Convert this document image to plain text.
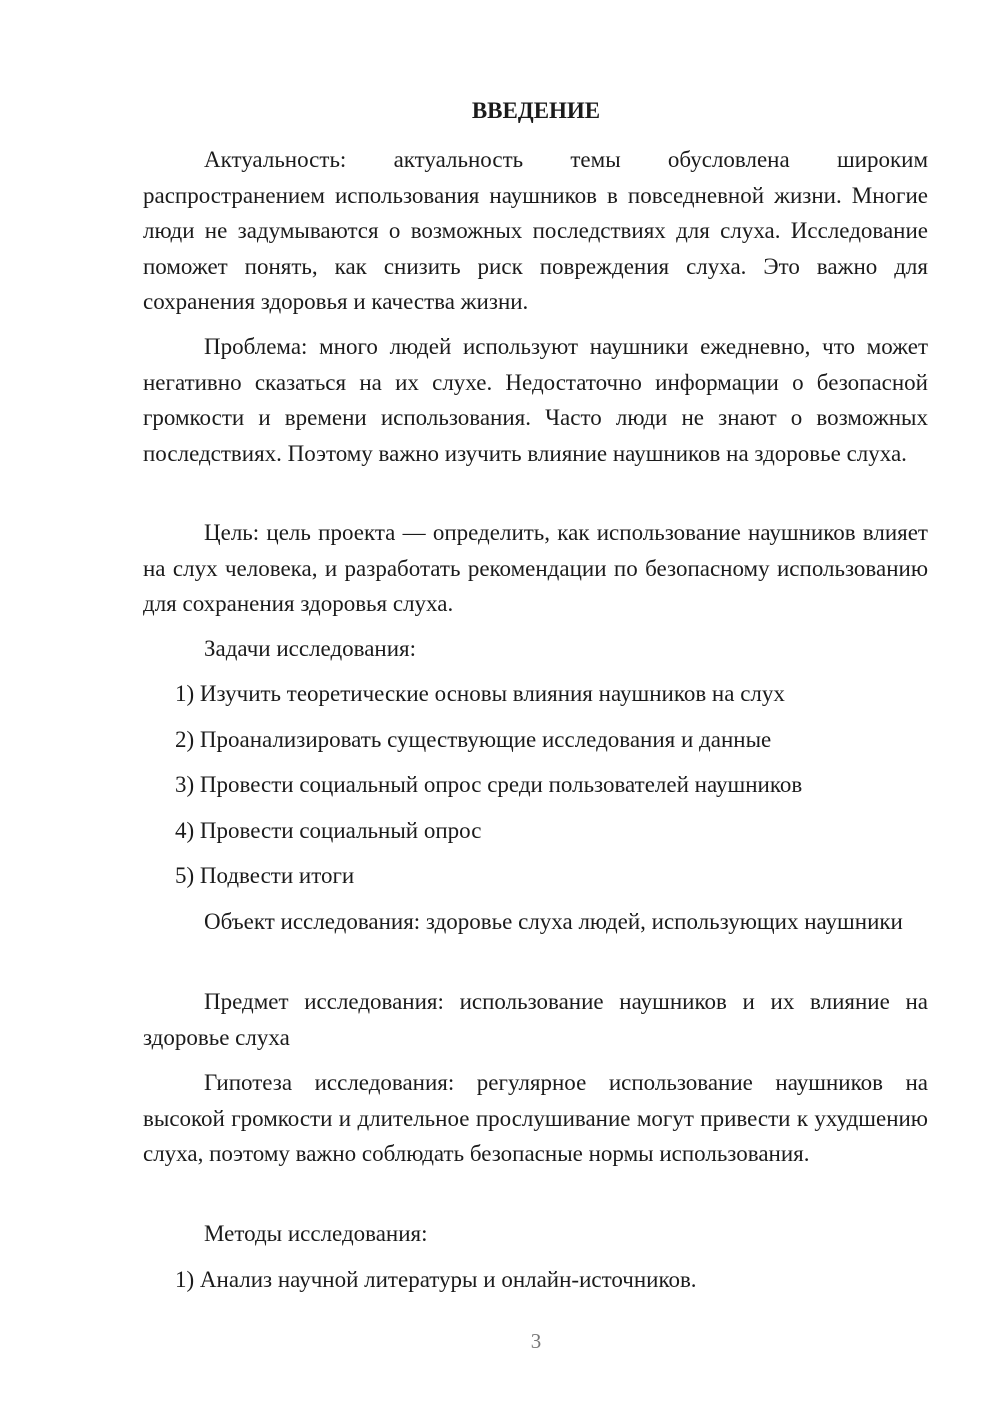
ВВЕДЕНИЕ

Актуальность: актуальность темы обусловлена широким распространением использования наушников в повседневной жизни. Многие люди не задумываются о возможных последствиях для слуха. Исследование поможет понять, как снизить риск повреждения слуха. Это важно для сохранения здоровья и качества жизни.

Проблема: много людей используют наушники ежедневно, что может негативно сказаться на их слухе. Недостаточно информации о безопасной громкости и времени использования. Часто люди не знают о возможных последствиях. Поэтому важно изучить влияние наушников на здоровье слуха.

Цель: цель проекта — определить, как использование наушников влияет на слух человека, и разработать рекомендации по безопасному использованию для сохранения здоровья слуха.

Задачи исследования:

1) Изучить теоретические основы влияния наушников на слух

2) Проанализировать существующие исследования и данные

3) Провести социальный опрос среди пользователей наушников

4) Провести социальный опрос

5) Подвести итоги

Объект исследования: здоровье слуха людей, использующих наушники

Предмет исследования: использование наушников и их влияние на здоровье слуха

Гипотеза исследования: регулярное использование наушников на высокой громкости и длительное прослушивание могут привести к ухудшению слуха, поэтому важно соблюдать безопасные нормы использования.

Методы исследования:

1) Анализ научной литературы и онлайн-источников.

3
